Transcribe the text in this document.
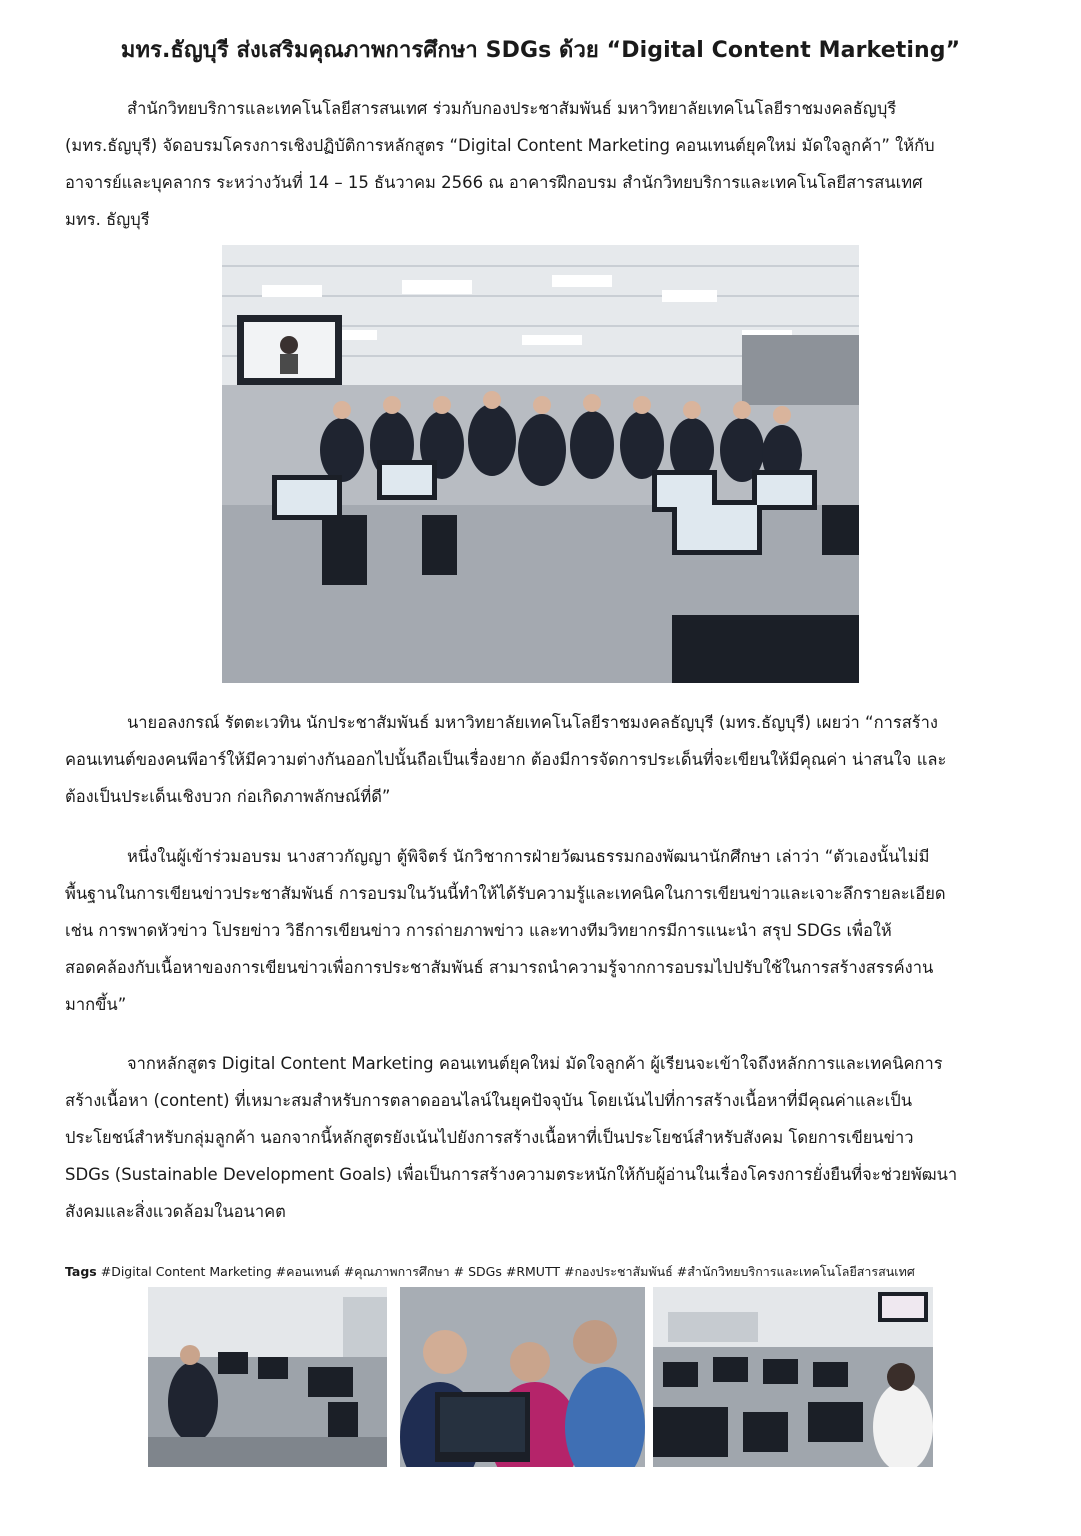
มทร.ธัญบุรี ส่งเสริมคุณภาพการศึกษา SDGs ด้วย “Digital Content Marketing”
สำนักวิทยบริการและเทคโนโลยีสารสนเทศ ร่วมกับกองประชาสัมพันธ์ มหาวิทยาลัยเทคโนโลยีราชมงคลธัญบุรี
(มทร.ธัญบุรี) จัดอบรมโครงการเชิงปฏิบัติการหลักสูตร “Digital Content Marketing คอนเทนต์ยุคใหม่ มัดใจลูกค้า” ให้กับ
อาจารย์และบุคลากร ระหว่างวันที่ 14 – 15 ธันวาคม 2566 ณ อาคารฝึกอบรม สำนักวิทยบริการและเทคโนโลยีสารสนเทศ
มทร. ธัญบุรี
นายอลงกรณ์ รัตตะเวทิน นักประชาสัมพันธ์ มหาวิทยาลัยเทคโนโลยีราชมงคลธัญบุรี (มทร.ธัญบุรี) เผยว่า “การสร้าง
คอนเทนต์ของคนพีอาร์ให้มีความต่างกันออกไปนั้นถือเป็นเรื่องยาก ต้องมีการจัดการประเด็นที่จะเขียนให้มีคุณค่า น่าสนใจ และ
ต้องเป็นประเด็นเชิงบวก ก่อเกิดภาพลักษณ์ที่ดี”
หนึ่งในผู้เข้าร่วมอบรม นางสาวกัญญา ตู้พิจิตร์ นักวิชาการฝ่ายวัฒนธรรมกองพัฒนานักศึกษา เล่าว่า “ตัวเองนั้นไม่มี
พื้นฐานในการเขียนข่าวประชาสัมพันธ์ การอบรมในวันนี้ทำให้ได้รับความรู้และเทคนิคในการเขียนข่าวและเจาะลึกรายละเอียด
เช่น การพาดหัวข่าว โปรยข่าว วิธีการเขียนข่าว การถ่ายภาพข่าว และทางทีมวิทยากรมีการแนะนำ สรุป SDGs เพื่อให้
สอดคล้องกับเนื้อหาของการเขียนข่าวเพื่อการประชาสัมพันธ์ สามารถนำความรู้จากการอบรมไปปรับใช้ในการสร้างสรรค์งาน
มากขึ้น”
จากหลักสูตร Digital Content Marketing คอนเทนต์ยุคใหม่ มัดใจลูกค้า ผู้เรียนจะเข้าใจถึงหลักการและเทคนิคการ
สร้างเนื้อหา (content) ที่เหมาะสมสำหรับการตลาดออนไลน์ในยุคปัจจุบัน โดยเน้นไปที่การสร้างเนื้อหาที่มีคุณค่าและเป็น
ประโยชน์สำหรับกลุ่มลูกค้า นอกจากนี้หลักสูตรยังเน้นไปยังการสร้างเนื้อหาที่เป็นประโยชน์สำหรับสังคม โดยการเขียนข่าว
SDGs (Sustainable Development Goals) เพื่อเป็นการสร้างความตระหนักให้กับผู้อ่านในเรื่องโครงการยั่งยืนที่จะช่วยพัฒนา
สังคมและสิ่งแวดล้อมในอนาคต
Tags #Digital Content Marketing #คอนเทนต์ #คุณภาพการศึกษา # SDGs #RMUTT #กองประชาสัมพันธ์ #สำนักวิทยบริการและเทคโนโลยีสารสนเทศ
